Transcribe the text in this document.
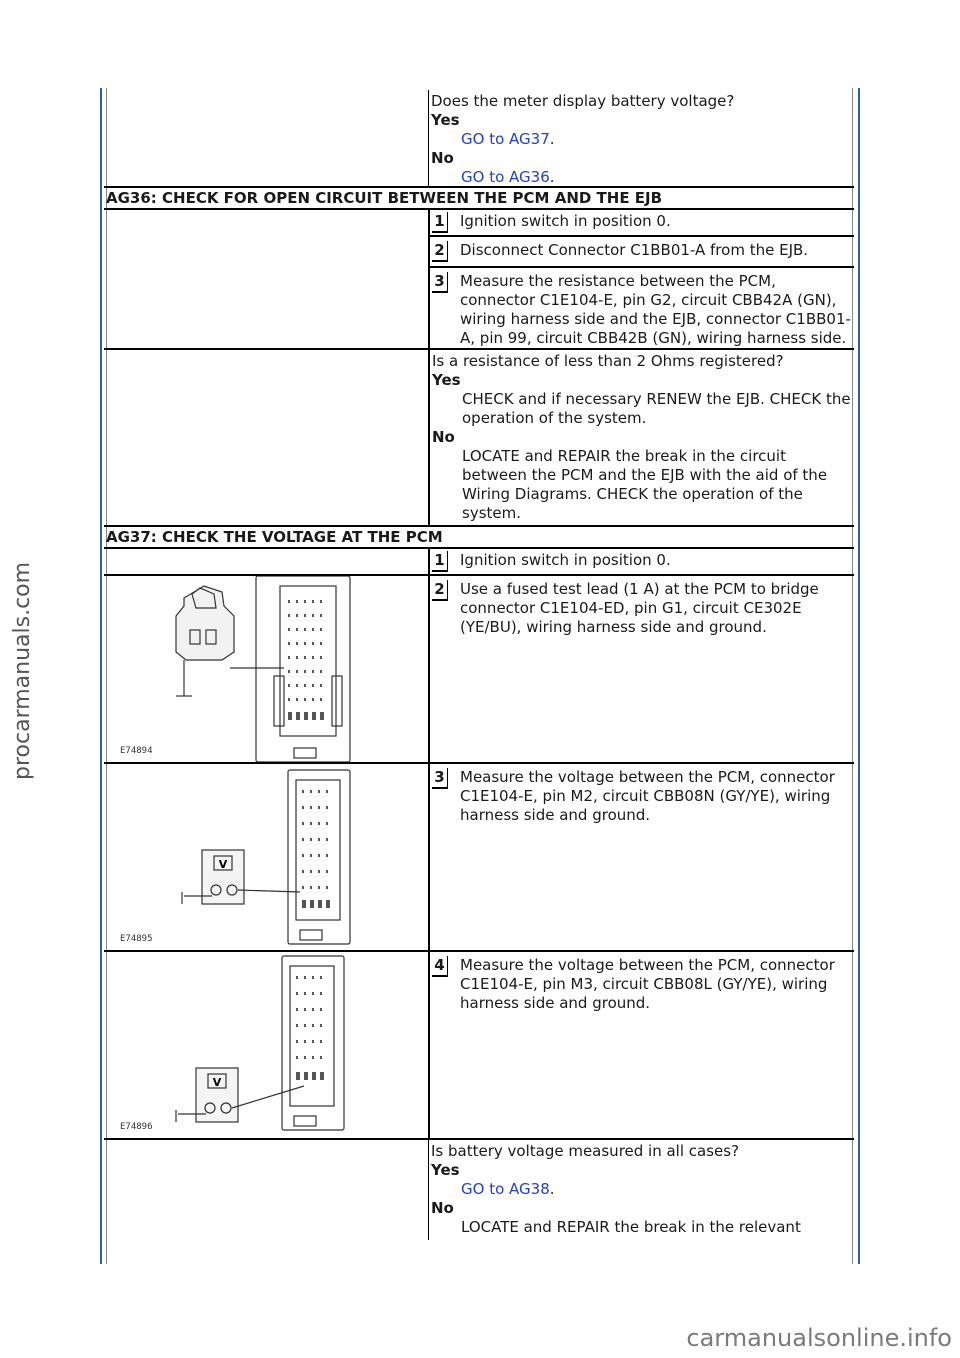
procarmanuals.com
carmanualsonline.info
Does the meter display battery voltage?
Yes
GO to AG37.
No
GO to AG36.
AG36: CHECK FOR OPEN CIRCUIT BETWEEN THE PCM AND THE EJB
1 Ignition switch in position 0.
2 Disconnect Connector C1BB01-A from the EJB.
3 Measure the resistance between the PCM, connector C1E104-E, pin G2, circuit CBB42A (GN), wiring harness side and the EJB, connector C1BB01-A, pin 99, circuit CBB42B (GN), wiring harness side.
Is a resistance of less than 2 Ohms registered?
Yes
CHECK and if necessary RENEW the EJB. CHECK the operation of the system.
No
LOCATE and REPAIR the break in the circuit between the PCM and the EJB with the aid of the Wiring Diagrams. CHECK the operation of the system.
AG37: CHECK THE VOLTAGE AT THE PCM
1 Ignition switch in position 0.
E74894
2 Use a fused test lead (1 A) at the PCM to bridge connector C1E104-ED, pin G1, circuit CE302E (YE/BU), wiring harness side and ground.
V
E74895
3 Measure the voltage between the PCM, connector C1E104-E, pin M2, circuit CBB08N (GY/YE), wiring harness side and ground.
V
E74896
4 Measure the voltage between the PCM, connector C1E104-E, pin M3, circuit CBB08L (GY/YE), wiring harness side and ground.
Is battery voltage measured in all cases?
Yes
GO to AG38.
No
LOCATE and REPAIR the break in the relevant
